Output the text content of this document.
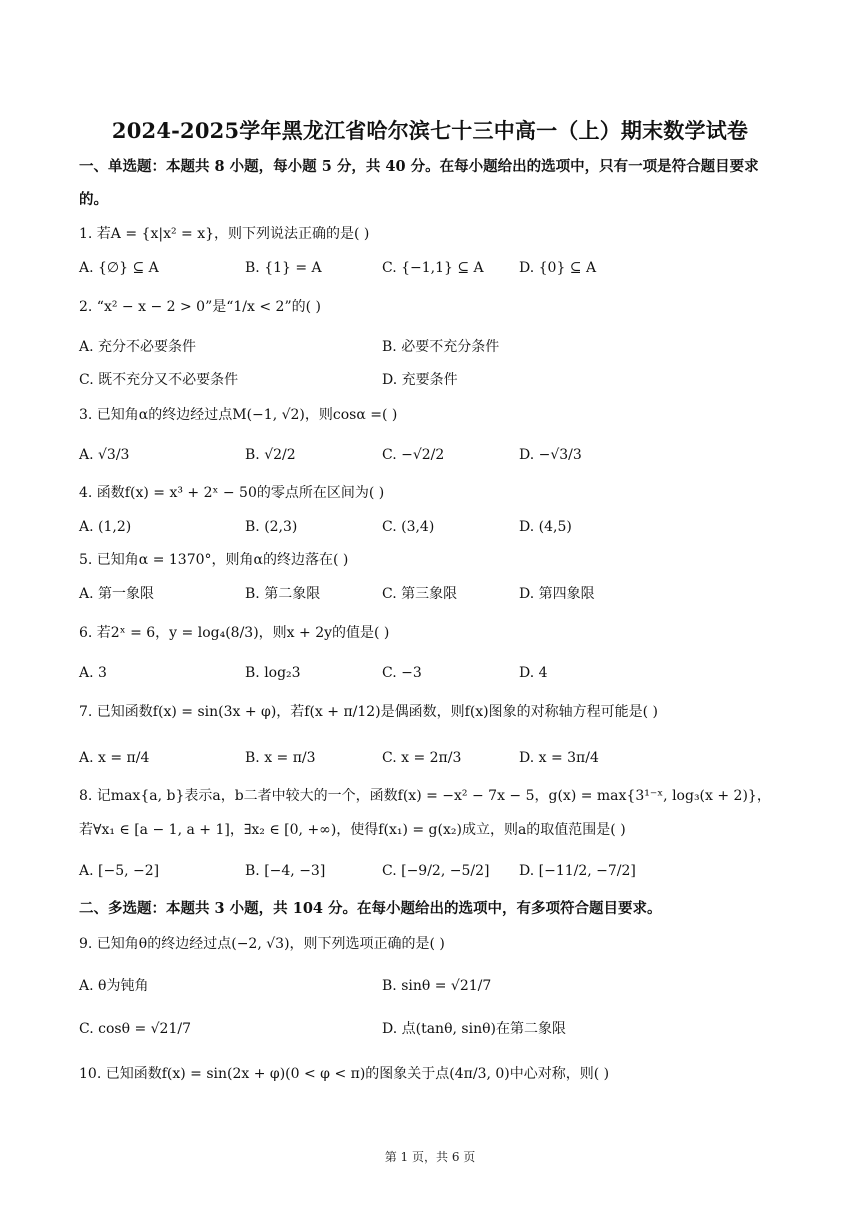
2024-2025学年黑龙江省哈尔滨七十三中高一（上）期末数学试卷
一、单选题：本题共 8 小题，每小题 5 分，共 40 分。在每小题给出的选项中，只有一项是符合题目要求
的。
1. 若A = {x|x² = x}，则下列说法正确的是( )
A. {∅} ⊆ A	B. {1} = A	C. {−1,1} ⊆ A	D. {0} ⊆ A
2. “x² − x − 2 > 0”是“1/x < 2”的( )
A. 充分不必要条件	B. 必要不充分条件
C. 既不充分又不必要条件	D. 充要条件
3. 已知角α的终边经过点M(−1, √2)，则cosα =( )
A. √3/3	B. √2/2	C. −√2/2	D. −√3/3
4. 函数f(x) = x³ + 2ˣ − 50的零点所在区间为( )
A. (1,2)	B. (2,3)	C. (3,4)	D. (4,5)
5. 已知角α = 1370°，则角α的终边落在( )
A. 第一象限	B. 第二象限	C. 第三象限	D. 第四象限
6. 若2ˣ = 6，y = log₄(8/3)，则x + 2y的值是( )
A. 3	B. log₂3	C. −3	D. 4
7. 已知函数f(x) = sin(3x + φ)，若f(x + π/12)是偶函数，则f(x)图象的对称轴方程可能是( )
A. x = π/4	B. x = π/3	C. x = 2π/3	D. x = 3π/4
8. 记max{a, b}表示a，b二者中较大的一个，函数f(x) = −x² − 7x − 5，g(x) = max{3¹⁻ˣ, log₃(x + 2)}，
若∀x₁ ∈ [a − 1, a + 1]，∃x₂ ∈ [0, +∞)，使得f(x₁) = g(x₂)成立，则a的取值范围是( )
A. [−5, −2]	B. [−4, −3]	C. [−9/2, −5/2] D. [−11/2, −7/2]
二、多选题：本题共 3 小题，共 104 分。在每小题给出的选项中，有多项符合题目要求。
9. 已知角θ的终边经过点(−2, √3)，则下列选项正确的是( )
A. θ为钝角	B. sinθ = √21/7
C. cosθ = √21/7	D. 点(tanθ, sinθ)在第二象限
10. 已知函数f(x) = sin(2x + φ)(0 < φ < π)的图象关于点(4π/3, 0)中心对称，则( )
第 1 页，共 6 页
